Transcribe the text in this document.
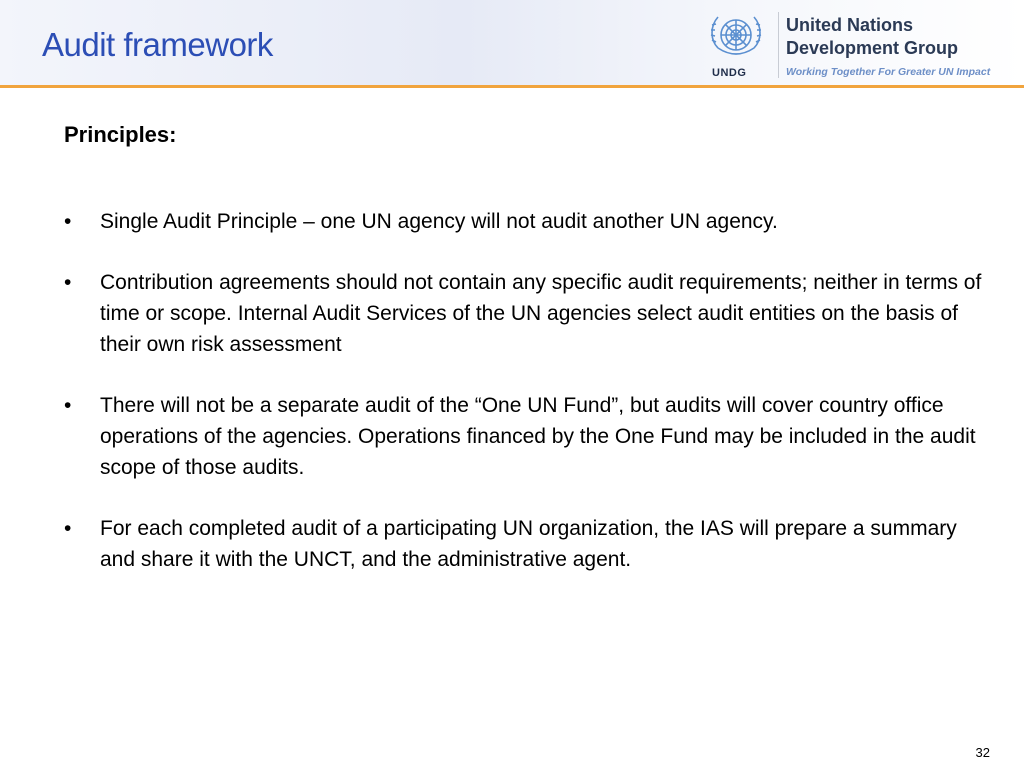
Audit framework
UNDG
United Nations
Development Group
Working Together For Greater UN Impact
Principles:
•	Single Audit Principle – one UN agency will not audit another UN agency.
•	Contribution agreements should not contain any specific audit requirements; neither in terms of time or scope. Internal Audit Services of the UN agencies select audit entities on the basis of their own risk assessment
•	There will not be a separate audit of the “One UN Fund”, but audits will cover country office operations of the agencies. Operations financed by the One Fund may be included in the audit scope of those audits.
•	For each completed audit of a participating UN organization, the IAS will prepare a summary and share it with the UNCT, and the administrative agent.
32
